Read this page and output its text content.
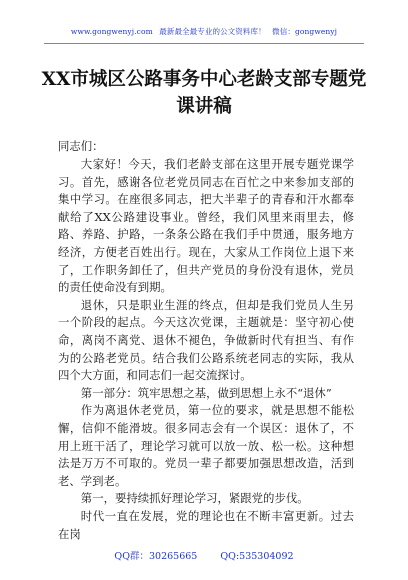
www.gongwenyj.com 最新最全最专业的公文资料库！ 微信：gongwenyj
XX市城区公路事务中心老龄支部专题党
课讲稿

同志们：

大家好！今天，我们老龄支部在这里开展专题党课学习。首先，感谢各位老党员同志在百忙之中来参加支部的集中学习。在座很多同志，把大半辈子的青春和汗水都奉献给了XX公路建设事业。曾经，我们风里来雨里去，修路、养路、护路，一条条公路在我们手中贯通，服务地方经济，方便老百姓出行。现在，大家从工作岗位上退下来了，工作职务卸任了，但共产党员的身份没有退休，党员的责任使命没有到期。

退休，只是职业生涯的终点，但却是我们党员人生另一个阶段的起点。今天这次党课，主题就是：坚守初心使命，离岗不离党、退休不褪色，争做新时代有担当、有作为的公路老党员。结合我们公路系统老同志的实际，我从四个大方面，和同志们一起交流探讨。

第一部分：筑牢思想之基，做到思想上永不“退休”

作为离退休老党员，第一位的要求，就是思想不能松懈，信仰不能滑坡。很多同志会有一个误区：退休了，不用上班干活了，理论学习就可以放一放、松一松。这种想法是万万不可取的。党员一辈子都要加强思想改造，活到老、学到老。

第一，要持续抓好理论学习，紧跟党的步伐。

时代一直在发展，党的理论也在不断丰富更新。过去在岗

QQ群：30265665 QQ:535304092
